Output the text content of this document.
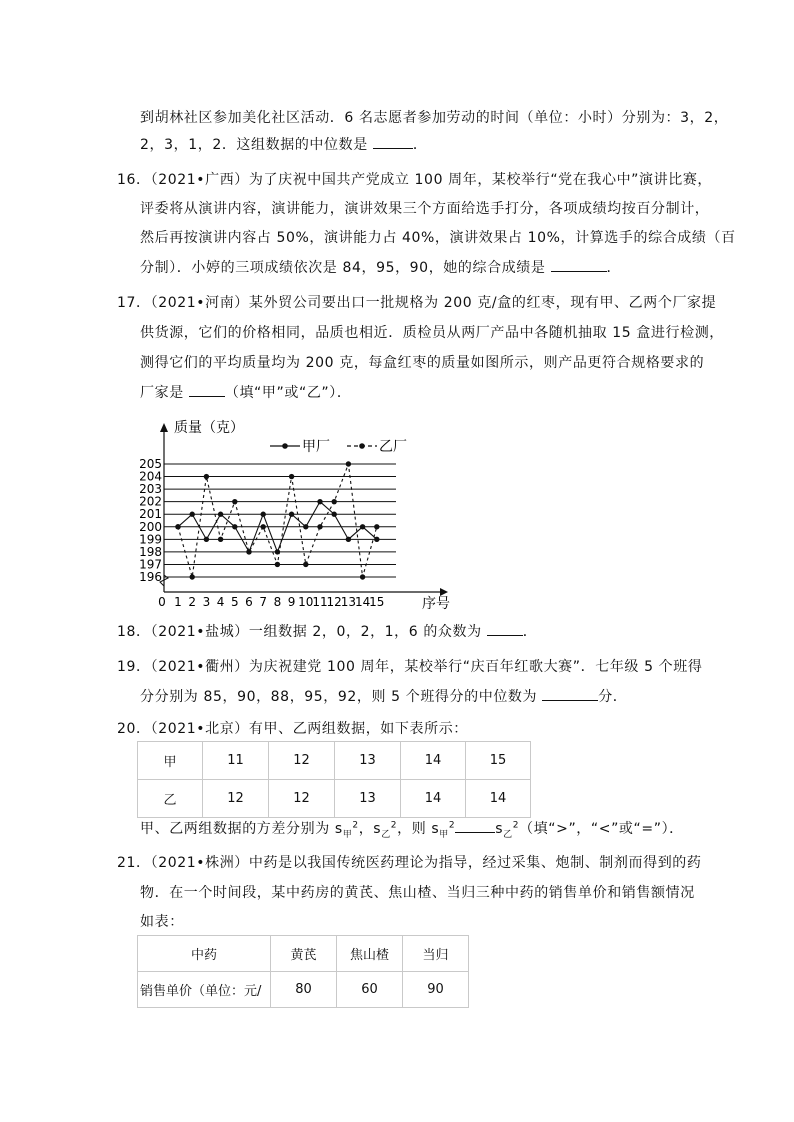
到胡林社区参加美化社区活动．6 名志愿者参加劳动的时间（单位：小时）分别为：3，2，
2，3，1，2．这组数据的中位数是	．
16．（2021•广西）为了庆祝中国共产党成立 100 周年，某校举行“党在我心中”演讲比赛，
评委将从演讲内容，演讲能力，演讲效果三个方面给选手打分，各项成绩均按百分制计，
然后再按演讲内容占 50%，演讲能力占 40%，演讲效果占 10%，计算选手的综合成绩（百
分制）．小婷的三项成绩依次是 84，95，90，她的综合成绩是	．
17．（2021•河南）某外贸公司要出口一批规格为 200 克/盒的红枣，现有甲、乙两个厂家提
供货源，它们的价格相同，品质也相近．质检员从两厂产品中各随机抽取 15 盒进行检测，
测得它们的平均质量均为 200 克，每盒红枣的质量如图所示，则产品更符合规格要求的
厂家是	（填“甲”或“乙”）．
196
197
198
199
200
201
202
203
204
205
0 1 2 3 4 5 6 7 8 9 10
11
12
13
14
15
质量（克）
序号
甲厂	乙厂
18．（2021•盐城）一组数据 2，0，2，1，6 的众数为	．
19．（2021•衢州）为庆祝建党 100 周年，某校举行“庆百年红歌大赛”．七年级 5 个班得
分分别为 85，90，88，95，92，则 5 个班得分的中位数为	分．
20．（2021•北京）有甲、乙两组数据，如下表所示：
甲	11	12	13	14	15
乙	12	12	13	14	14
甲、乙两组数据的方差分别为 $s_甲^2$，$s_乙^2$，则 $s_甲^2$	$s_乙^2$（填“>”，“<”或“=”）．
21．（2021•株洲）中药是以我国传统医药理论为指导，经过采集、炮制、制剂而得到的药
物．在一个时间段，某中药房的黄芪、焦山楂、当归三种中药的销售单价和销售额情况
如表：
中药	黄芪	焦山楂	当归
销售单价（单位：元/	80	60	90
